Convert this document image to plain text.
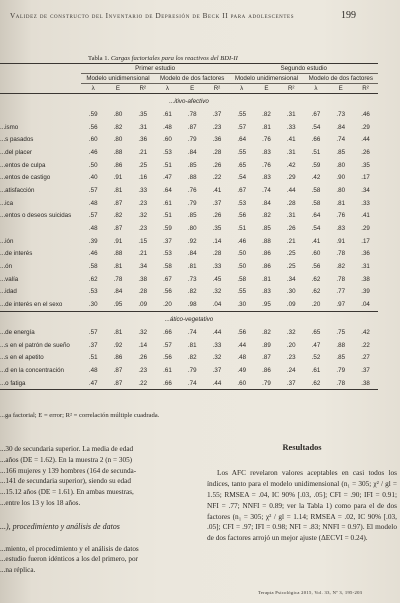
Validez de constructo del Inventario de Depresión de Beck II para adolescentes	199
Tabla 1. Cargas factoriales para los reactivos del BDI-II
	Primer estudio						Segundo estudio					
	Modelo unidimensional			Modelo de dos factores			Modelo unidimensional			Modelo de dos factores		
	λ	E	R²	λ	E	R²	λ	E	R²	λ	E	R²
...itivo-afectivo												
	.59	.80	.35	.61	.78	.37	.55	.82	.31	.67	.73	.46
...ismo	.56	.82	.31	.48	.87	.23	.57	.81	.33	.54	.84	.29
...s pasados	.60	.80	.36	.60	.79	.36	.64	.76	.41	.66	.74	.44
...del placer	.46	.88	.21	.53	.84	.28	.55	.83	.31	.51	.85	.26
...entos de culpa	.50	.86	.25	.51	.85	.26	.65	.76	.42	.59	.80	.35
...entos de castigo	.40	.91	.16	.47	.88	.22	.54	.83	.29	.42	.90	.17
...atisfacción	.57	.81	.33	.64	.76	.41	.67	.74	.44	.58	.80	.34
...ica	.48	.87	.23	.61	.79	.37	.53	.84	.28	.58	.81	.33
...entos o deseos suicidas	.57	.82	.32	.51	.85	.26	.56	.82	.31	.64	.76	.41
	.48	.87	.23	.59	.80	.35	.51	.85	.26	.54	.83	.29
...ión	.39	.91	.15	.37	.92	.14	.46	.88	.21	.41	.91	.17
...de interés	.46	.88	.21	.53	.84	.28	.50	.86	.25	.60	.78	.36
...ón	.58	.81	.34	.58	.81	.33	.50	.86	.25	.56	.82	.31
...valía	.62	.78	.38	.67	.73	.45	.58	.81	.34	.62	.78	.38
...idad	.53	.84	.28	.56	.82	.32	.55	.83	.30	.62	.77	.39
...de interés en el sexo	.30	.95	.09	.20	.98	.04	.30	.95	.09	.20	.97	.04
...ático-vegetativo												
...de energía	.57	.81	.32	.66	.74	.44	.56	.82	.32	.65	.75	.42
...s en el patrón de sueño	.37	.92	.14	.57	.81	.33	.44	.89	.20	.47	.88	.22
...s en el apetito	.51	.86	.26	.56	.82	.32	.48	.87	.23	.52	.85	.27
...d en la concentración	.48	.87	.23	.61	.79	.37	.49	.86	.24	.61	.79	.37
...o fatiga	.47	.87	.22	.66	.74	.44	.60	.79	.37	.62	.78	.38
...ga factorial; E = error; R² = correlación múltiple cuadrada.

...30 de secundaria superior. La media de edad

...años (DE = 1.62). En la muestra 2 (n = 305)

...166 mujeres y 139 hombres (164 de secunda-

...141 de secundaria superior), siendo su edad

...15.12 años (DE = 1.61). En ambas muestras,

...entre los 13 y los 18 años.

...), procedimiento y análisis de datos

...miento, el procedimiento y el análisis de datos

...estudio fueron idénticos a los del primero, por

...na réplica.

Resultados

Los AFC revelaron valores aceptables en casi todos los índices, tanto para el modelo unidimensional (n₁ = 305; χ² / gl = 1.55; RMSEA = .04, IC 90% [.03, .05]; CFI = .90; IFI = 0.91; NFI = .77; NNFI = 0.89; ver la Tabla 1) como para el de dos factores (n₁ = 305; χ² / gl = 1.14; RMSEA = .02, IC 90% [.03, .05]; CFI = .97; IFI = 0.98; NFI = .83; NNFI = 0.97). El modelo de dos factores arrojó un mejor ajuste (ΔECVI = 0.24).

Terapia Psicológica 2015, Vol. 33, Nº 3, 195-203
